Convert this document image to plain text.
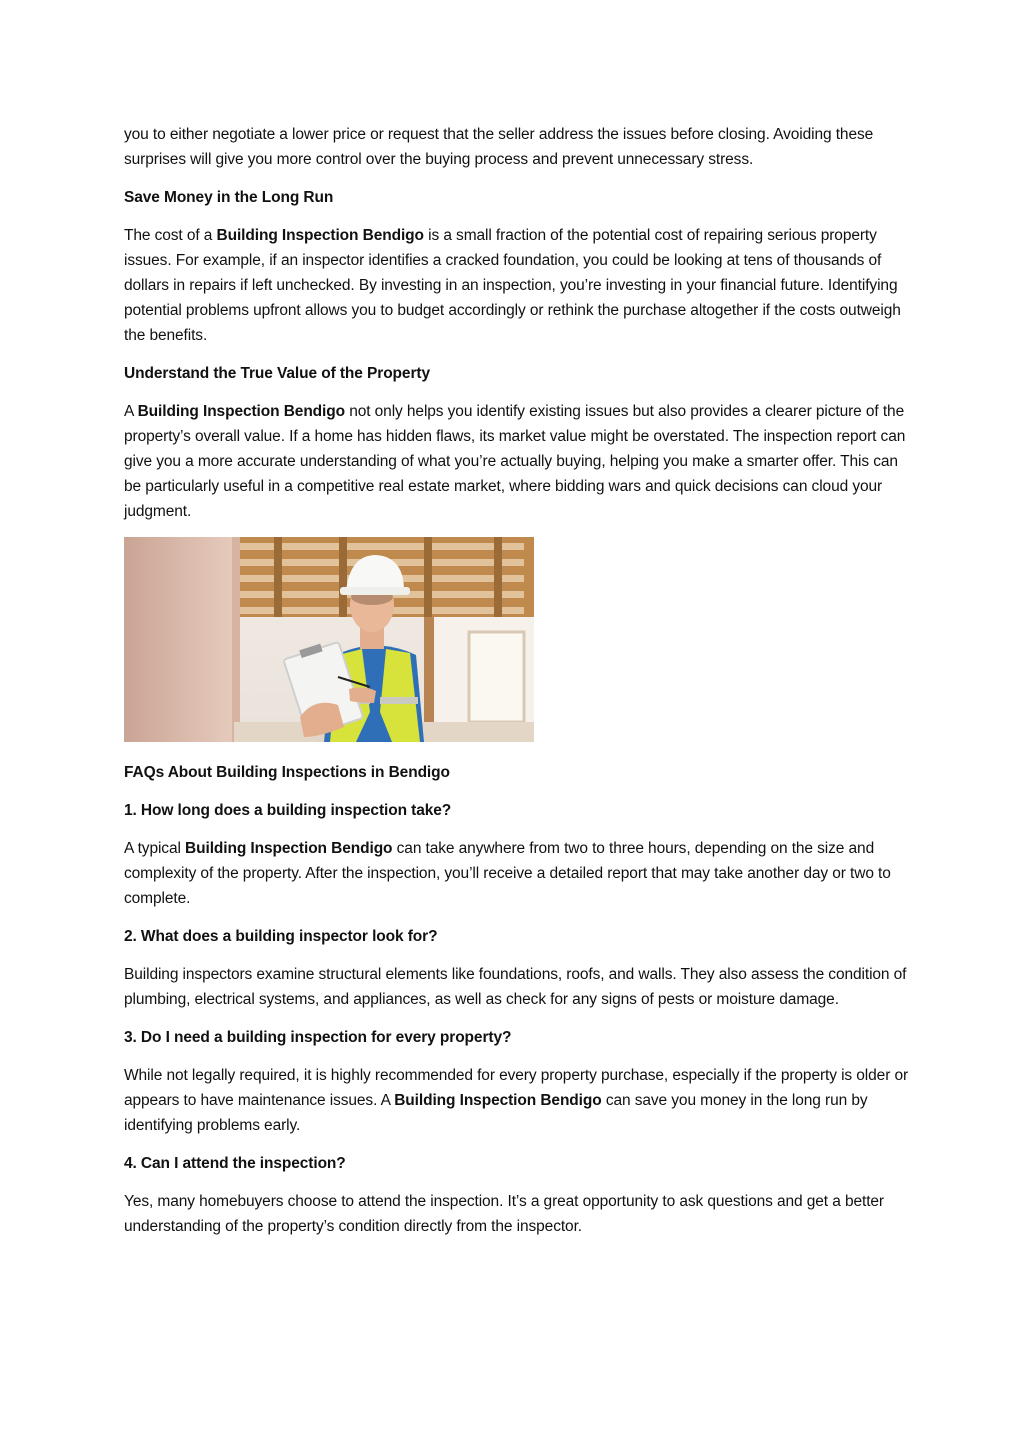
you to either negotiate a lower price or request that the seller address the issues before closing. Avoiding these surprises will give you more control over the buying process and prevent unnecessary stress.

Save Money in the Long Run

The cost of a Building Inspection Bendigo is a small fraction of the potential cost of repairing serious property issues. For example, if an inspector identifies a cracked foundation, you could be looking at tens of thousands of dollars in repairs if left unchecked. By investing in an inspection, you’re investing in your financial future. Identifying potential problems upfront allows you to budget accordingly or rethink the purchase altogether if the costs outweigh the benefits.

Understand the True Value of the Property

A Building Inspection Bendigo not only helps you identify existing issues but also provides a clearer picture of the property’s overall value. If a home has hidden flaws, its market value might be overstated. The inspection report can give you a more accurate understanding of what you’re actually buying, helping you make a smarter offer. This can be particularly useful in a competitive real estate market, where bidding wars and quick decisions can cloud your judgment.

FAQs About Building Inspections in Bendigo

1. How long does a building inspection take?

A typical Building Inspection Bendigo can take anywhere from two to three hours, depending on the size and complexity of the property. After the inspection, you’ll receive a detailed report that may take another day or two to complete.

2. What does a building inspector look for?

Building inspectors examine structural elements like foundations, roofs, and walls. They also assess the condition of plumbing, electrical systems, and appliances, as well as check for any signs of pests or moisture damage.

3. Do I need a building inspection for every property?

While not legally required, it is highly recommended for every property purchase, especially if the property is older or appears to have maintenance issues. A Building Inspection Bendigo can save you money in the long run by identifying problems early.

4. Can I attend the inspection?

Yes, many homebuyers choose to attend the inspection. It’s a great opportunity to ask questions and get a better understanding of the property’s condition directly from the inspector.
